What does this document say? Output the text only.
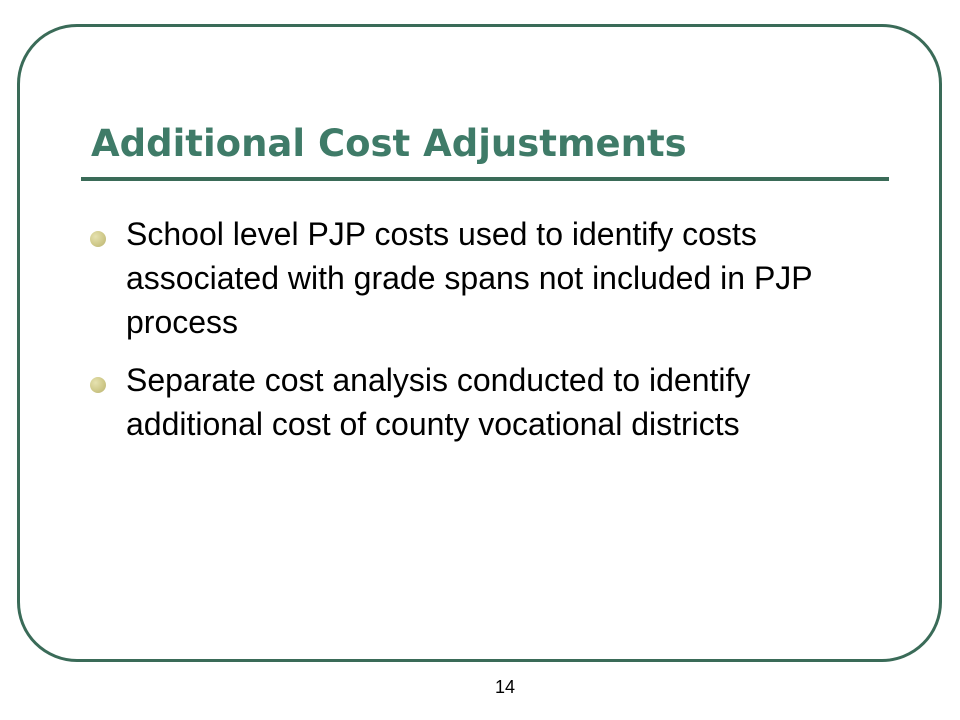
Additional Cost Adjustments
School level PJP costs used to identify costs associated with grade spans not included in PJP process
Separate cost analysis conducted to identify additional cost of county vocational districts
14
